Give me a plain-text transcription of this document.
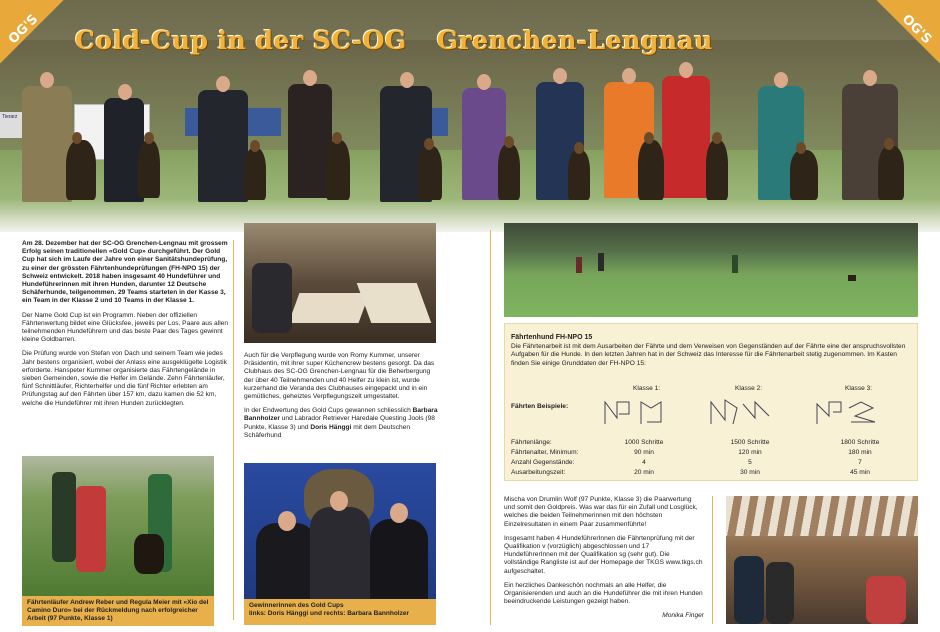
Tierarz
OG'S	OG'S
Cold-Cup in der SC-OG Grenchen-Lengnau

Am 28. Dezember hat der SC-OG Grenchen-Lengnau mit grossem Erfolg seinen traditionellen «Gold Cup» durchgeführt. Der Gold Cup hat sich im Laufe der Jahre von einer Sanitätshundeprüfung, zu einer der grössten Fährtenhundeprüfungen (FH-NPO 15) der Schweiz entwickelt. 2018 haben insgesamt 40 Hundeführer und Hundeführerinnen mit ihren Hunden, darunter 12 Deutsche Schäferhunde, teilgenommen. 29 Teams starteten in der Kasse 3, ein Team in der Klasse 2 und 10 Teams in der Klasse 1.

Der Name Gold Cup ist ein Programm. Neben der offiziellen Fährtenwertung bildet eine Glücksfee, jeweils per Los, Paare aus allen teilnehmenden Hundeführern und das beste Paar des Tages gewinnt kleine Goldbarren.

Die Prüfung wurde von Stefan von Dach und seinem Team wie jedes Jahr bestens organisiert, wobei der Anlass eine ausgeklügelte Logistik erforderte. Hanspeter Kummer organisierte das Fährtengelände in sieben Gemeinden, sowie die Helfer im Gelände. Zehn Fährtenläufer, fünf Schnittläufer, Richterhelfer und die fünf Richter erlebten am Prüfungstag auf den Fährten über 157 km, dazu kamen die 52 km, welche die Hundeführer mit ihren Hunden zurücklegten.

Fährtenläufer Andrew Reber und Regula Meier mit «Xio del Camino Duro» bei der Rückmeldung nach erfolgreicher Arbeit (97 Punkte, Klasse 1)

Auch für die Verpflegung wurde von Romy Kummer, unserer Präsidentin, mit ihrer super Küchencrew bestens gesorgt. Da das Clubhaus des SC-OG Grenchen-Lengnau für die Beherbergung der über 40 Teilnehmenden und 40 Helfer zu klein ist, wurde kurzerhand die Veranda des Clubhauses eingepackt und in ein gemütliches, geheiztes Verpflegungszelt umgestaltet.

In der Endwertung des Gold Cups gewannen schliesslich Barbara Bannholzer und Labrador Retriever Haredale Questing Jools (98 Punkte, Klasse 3) und Doris Hänggi mit dem Deutschen Schäferhund

Gewinnerinnen des Gold Cups
links: Doris Hänggi und rechts: Barbara Bannholzer
Fährtenhund FH-NPO 15
Die Fährtenarbeit ist mit dem Ausarbeiten der Fährte und dem Verweisen von Gegenständen auf der Fährte eine der anspruchsvollsten Aufgaben für die Hunde. In den letzten Jahren hat in der Schweiz das Interesse für die Fährtenarbeit stetig zugenommen. Im Kasten finden Sie einige Grunddaten der FH-NPO 15:
Klasse 1:	Klasse 2:	Klasse 3:
Fährten Beispiele:
Fährtenlänge:	1000 Schritte	1500 Schritte	1800 Schritte
Fährtenalter, Minimum:	90 min	120 min	180 min
Anzahl Gegenstände:	4	5	7
Ausarbeitungszeit:	20 min	30 min	45 min

Mischa von Drumlin Wolf (97 Punkte, Klasse 3) die Paarwertung und somit den Goldpreis. Was war das für ein Zufall und Losglück, welches die beiden Teilnehmerinnen mit den höchsten Einzelresultaten in einem Paar zusammenführte!

Insgesamt haben 4 HundeführerInnen die Fährtenprüfung mit der Qualifikation v (vorzüglich) abgeschlossen und 17 HundeführerInnen mit der Qualifikation sg (sehr gut). Die vollständige Rangliste ist auf der Homepage der TKGS www.tkgs.ch aufgeschaltet.

Ein herzliches Dankeschön nochmals an alle Helfer, die Organisierenden und auch an die Hundeführer die mit ihren Hunden beeindruckende Leistungen gezeigt haben.

Monika Finger
